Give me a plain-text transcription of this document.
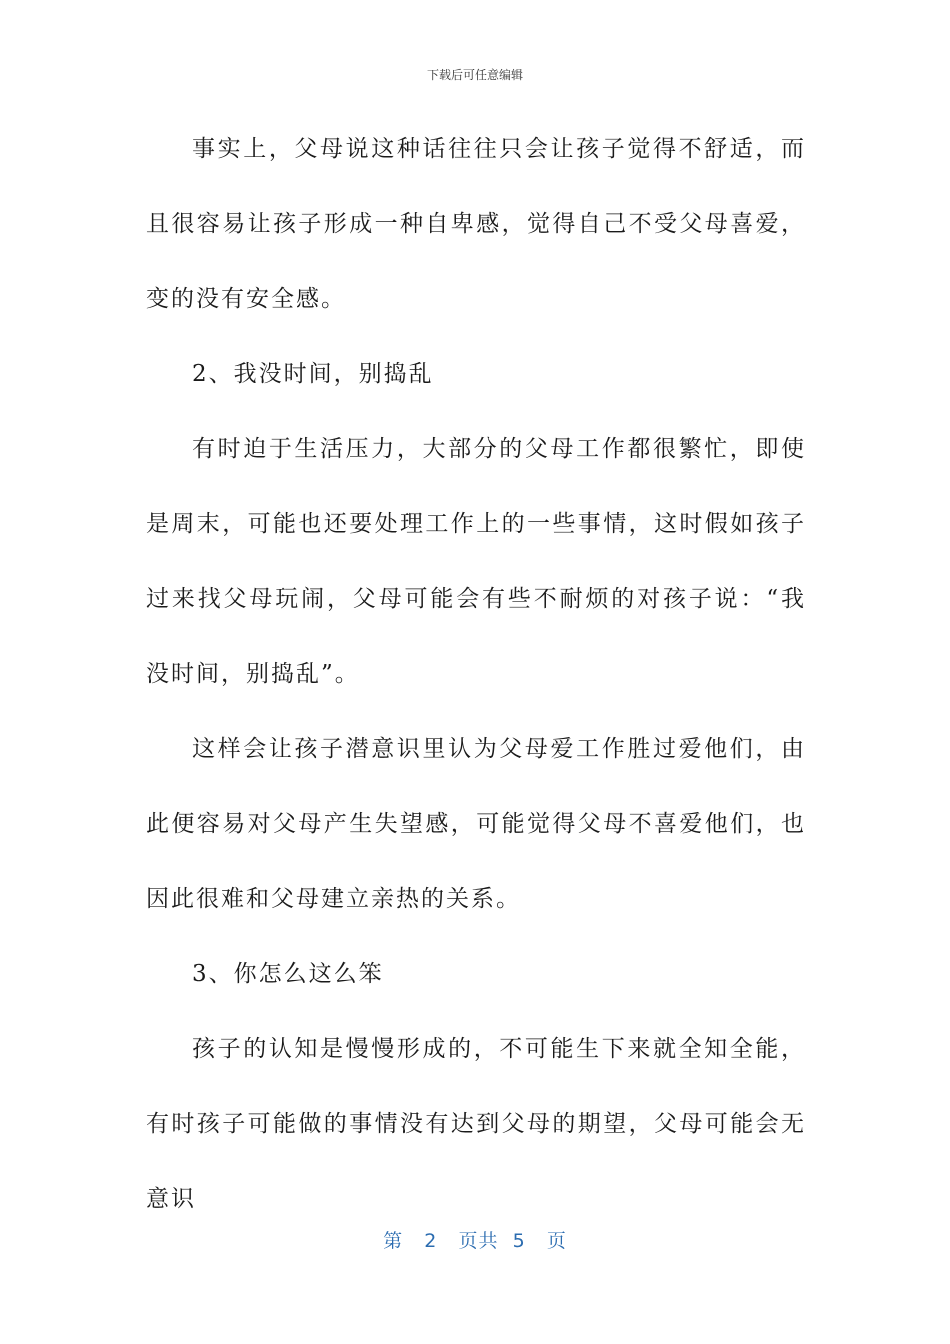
下载后可任意编辑

事实上，父母说这种话往往只会让孩子觉得不舒适，而且很容易让孩子形成一种自卑感，觉得自己不受父母喜爱，变的没有安全感。

2、我没时间，别捣乱

有时迫于生活压力，大部分的父母工作都很繁忙，即使是周末，可能也还要处理工作上的一些事情，这时假如孩子过来找父母玩闹，父母可能会有些不耐烦的对孩子说：“我没时间，别捣乱”。

这样会让孩子潜意识里认为父母爱工作胜过爱他们，由此便容易对父母产生失望感，可能觉得父母不喜爱他们，也因此很难和父母建立亲热的关系。

3、你怎么这么笨

孩子的认知是慢慢形成的，不可能生下来就全知全能，有时孩子可能做的事情没有达到父母的期望，父母可能会无意识

第 2 页共 5 页
